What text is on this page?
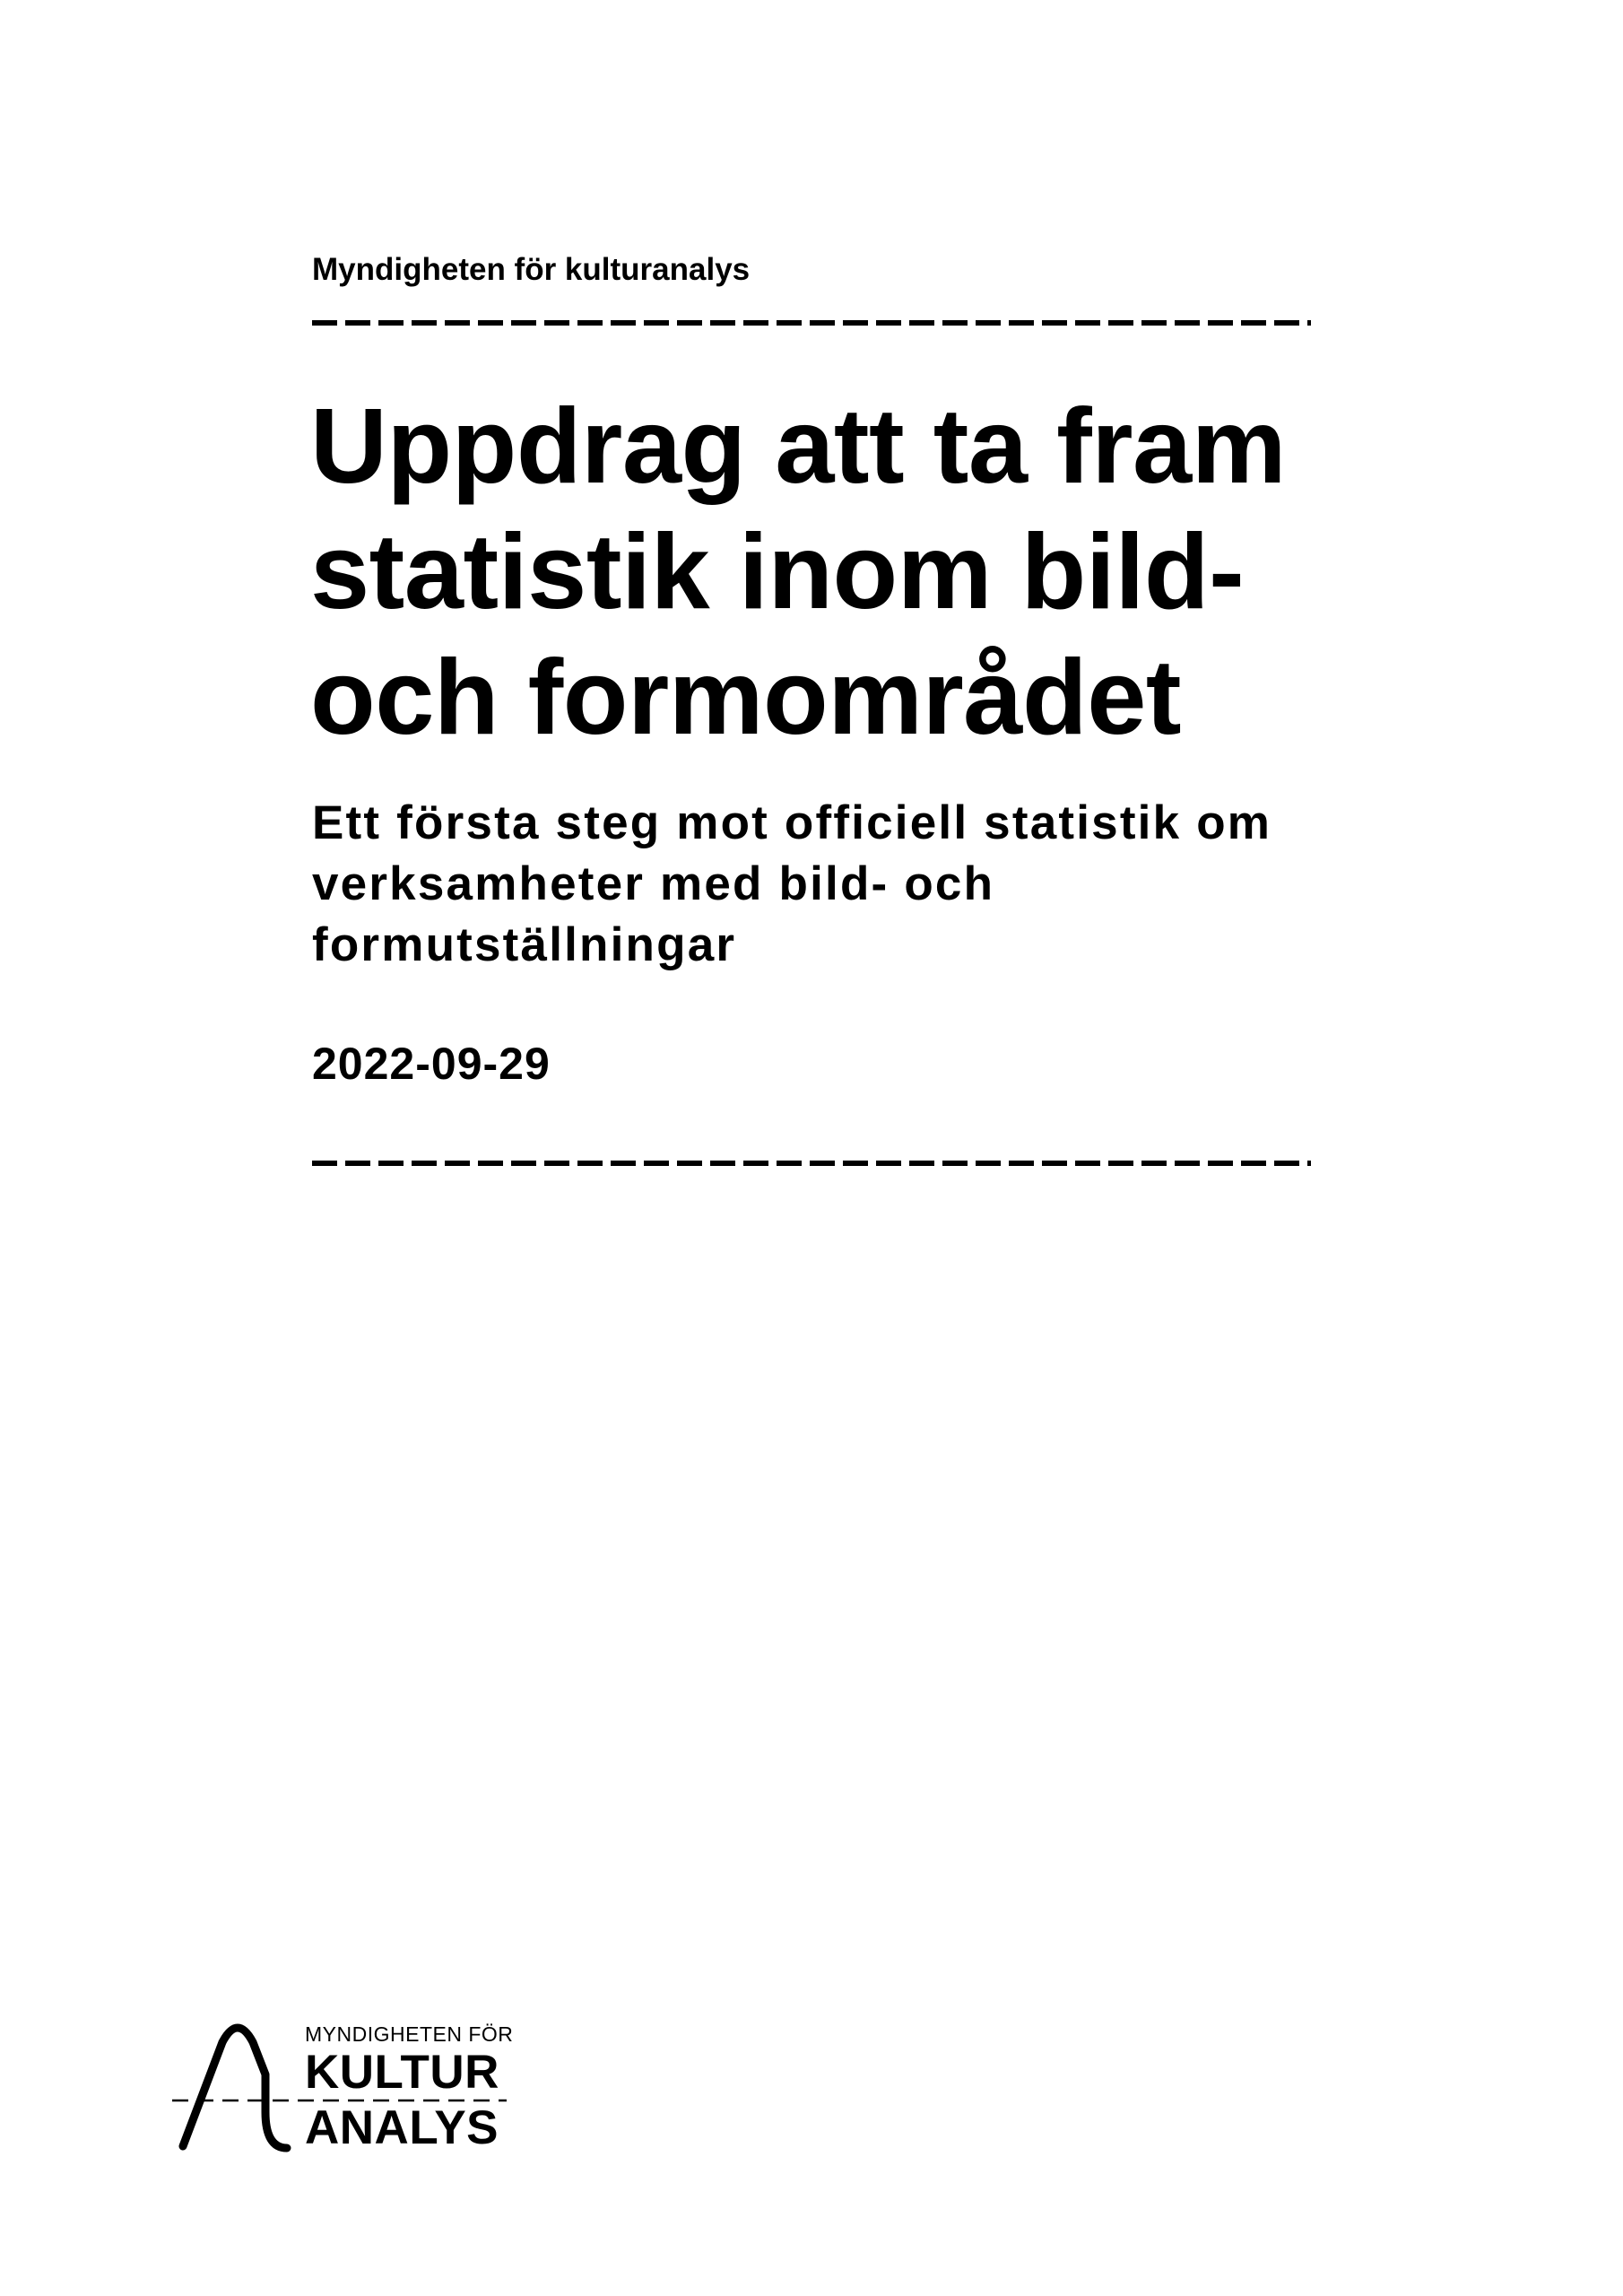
Myndigheten för kulturanalys
Uppdrag att ta fram
statistik inom bild-
och formområdet
Ett första steg mot officiell statistik om
verksamheter med bild- och
formutställningar
2022-09-29
MYNDIGHETEN FÖR
KULTUR
ANALYS
